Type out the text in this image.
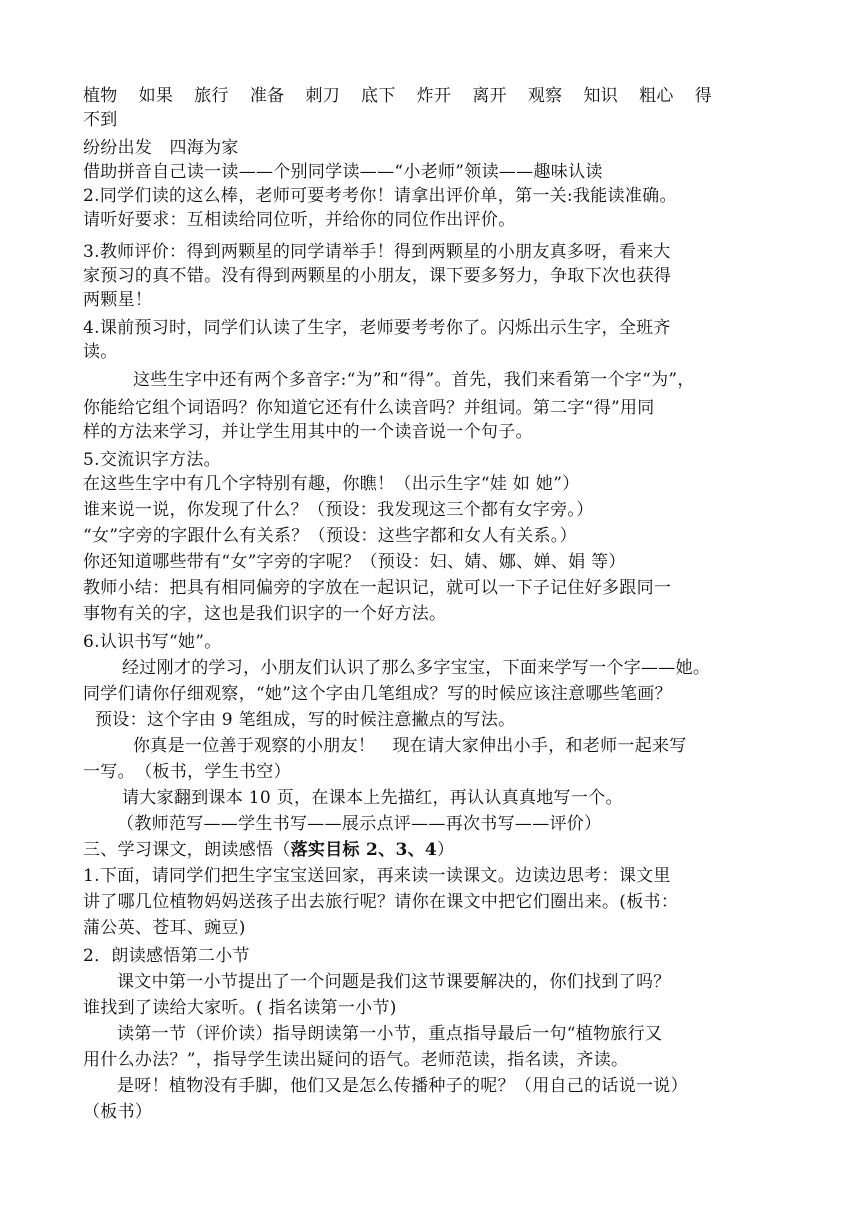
植物 如果 旅行 准备 刺刀 底下 炸开 离开 观察 知识 粗心 得
不到
纷纷出发　四海为家
借助拼音自己读一读——个别同学读——“小老师”领读——趣味认读
2.同学们读的这么棒，老师可要考考你！请拿出评价单，第一关:我能读准确。
请听好要求：互相读给同位听，并给你的同位作出评价。
3.教师评价：得到两颗星的同学请举手！得到两颗星的小朋友真多呀，看来大
家预习的真不错。没有得到两颗星的小朋友，课下要多努力，争取下次也获得
两颗星！
4.课前预习时，同学们认读了生字，老师要考考你了。闪烁出示生字，全班齐
读。
这些生字中还有两个多音字:“为”和“得”。首先，我们来看第一个字“为”，
你能给它组个词语吗？你知道它还有什么读音吗？并组词。第二字“得”用同
样的方法来学习，并让学生用其中的一个读音说一个句子。
5.交流识字方法。
在这些生字中有几个字特别有趣，你瞧！（出示生字“娃 如 她”）
谁来说一说，你发现了什么？（预设：我发现这三个都有女字旁。）
“女”字旁的字跟什么有关系？（预设：这些字都和女人有关系。）
你还知道哪些带有“女”字旁的字呢？（预设：妇、婧、娜、婵、娟 等）
教师小结：把具有相同偏旁的字放在一起识记，就可以一下子记住好多跟同一
事物有关的字，这也是我们识字的一个好方法。
6.认识书写“她”。
经过刚才的学习，小朋友们认识了那么多字宝宝，下面来学写一个字——她。
同学们请你仔细观察，“她”这个字由几笔组成？写的时候应该注意哪些笔画？
预设：这个字由 9 笔组成，写的时候注意撇点的写法。
你真是一位善于观察的小朋友！　现在请大家伸出小手，和老师一起来写
一写。　（板书，学生书空）
请大家翻到课本 10 页，在课本上先描红，再认认真真地写一个。
（教师范写——学生书写——展示点评——再次书写——评价）
三、学习课文，朗读感悟（落实目标 2、3、4）
1.下面，请同学们把生字宝宝送回家，再来读一读课文。边读边思考：课文里
讲了哪几位植物妈妈送孩子出去旅行呢？请你在课文中把它们圈出来。(板书：
蒲公英、苍耳、豌豆)
2．朗读感悟第二小节
课文中第一小节提出了一个问题是我们这节课要解决的，你们找到了吗？
谁找到了读给大家听。( 指名读第一小节)
读第一节（评价读）指导朗读第一小节，重点指导最后一句“植物旅行又
用什么办法？”，指导学生读出疑问的语气。老师范读，指名读，齐读。
是呀！植物没有手脚，他们又是怎么传播种子的呢？（用自己的话说一说）
（板书）
